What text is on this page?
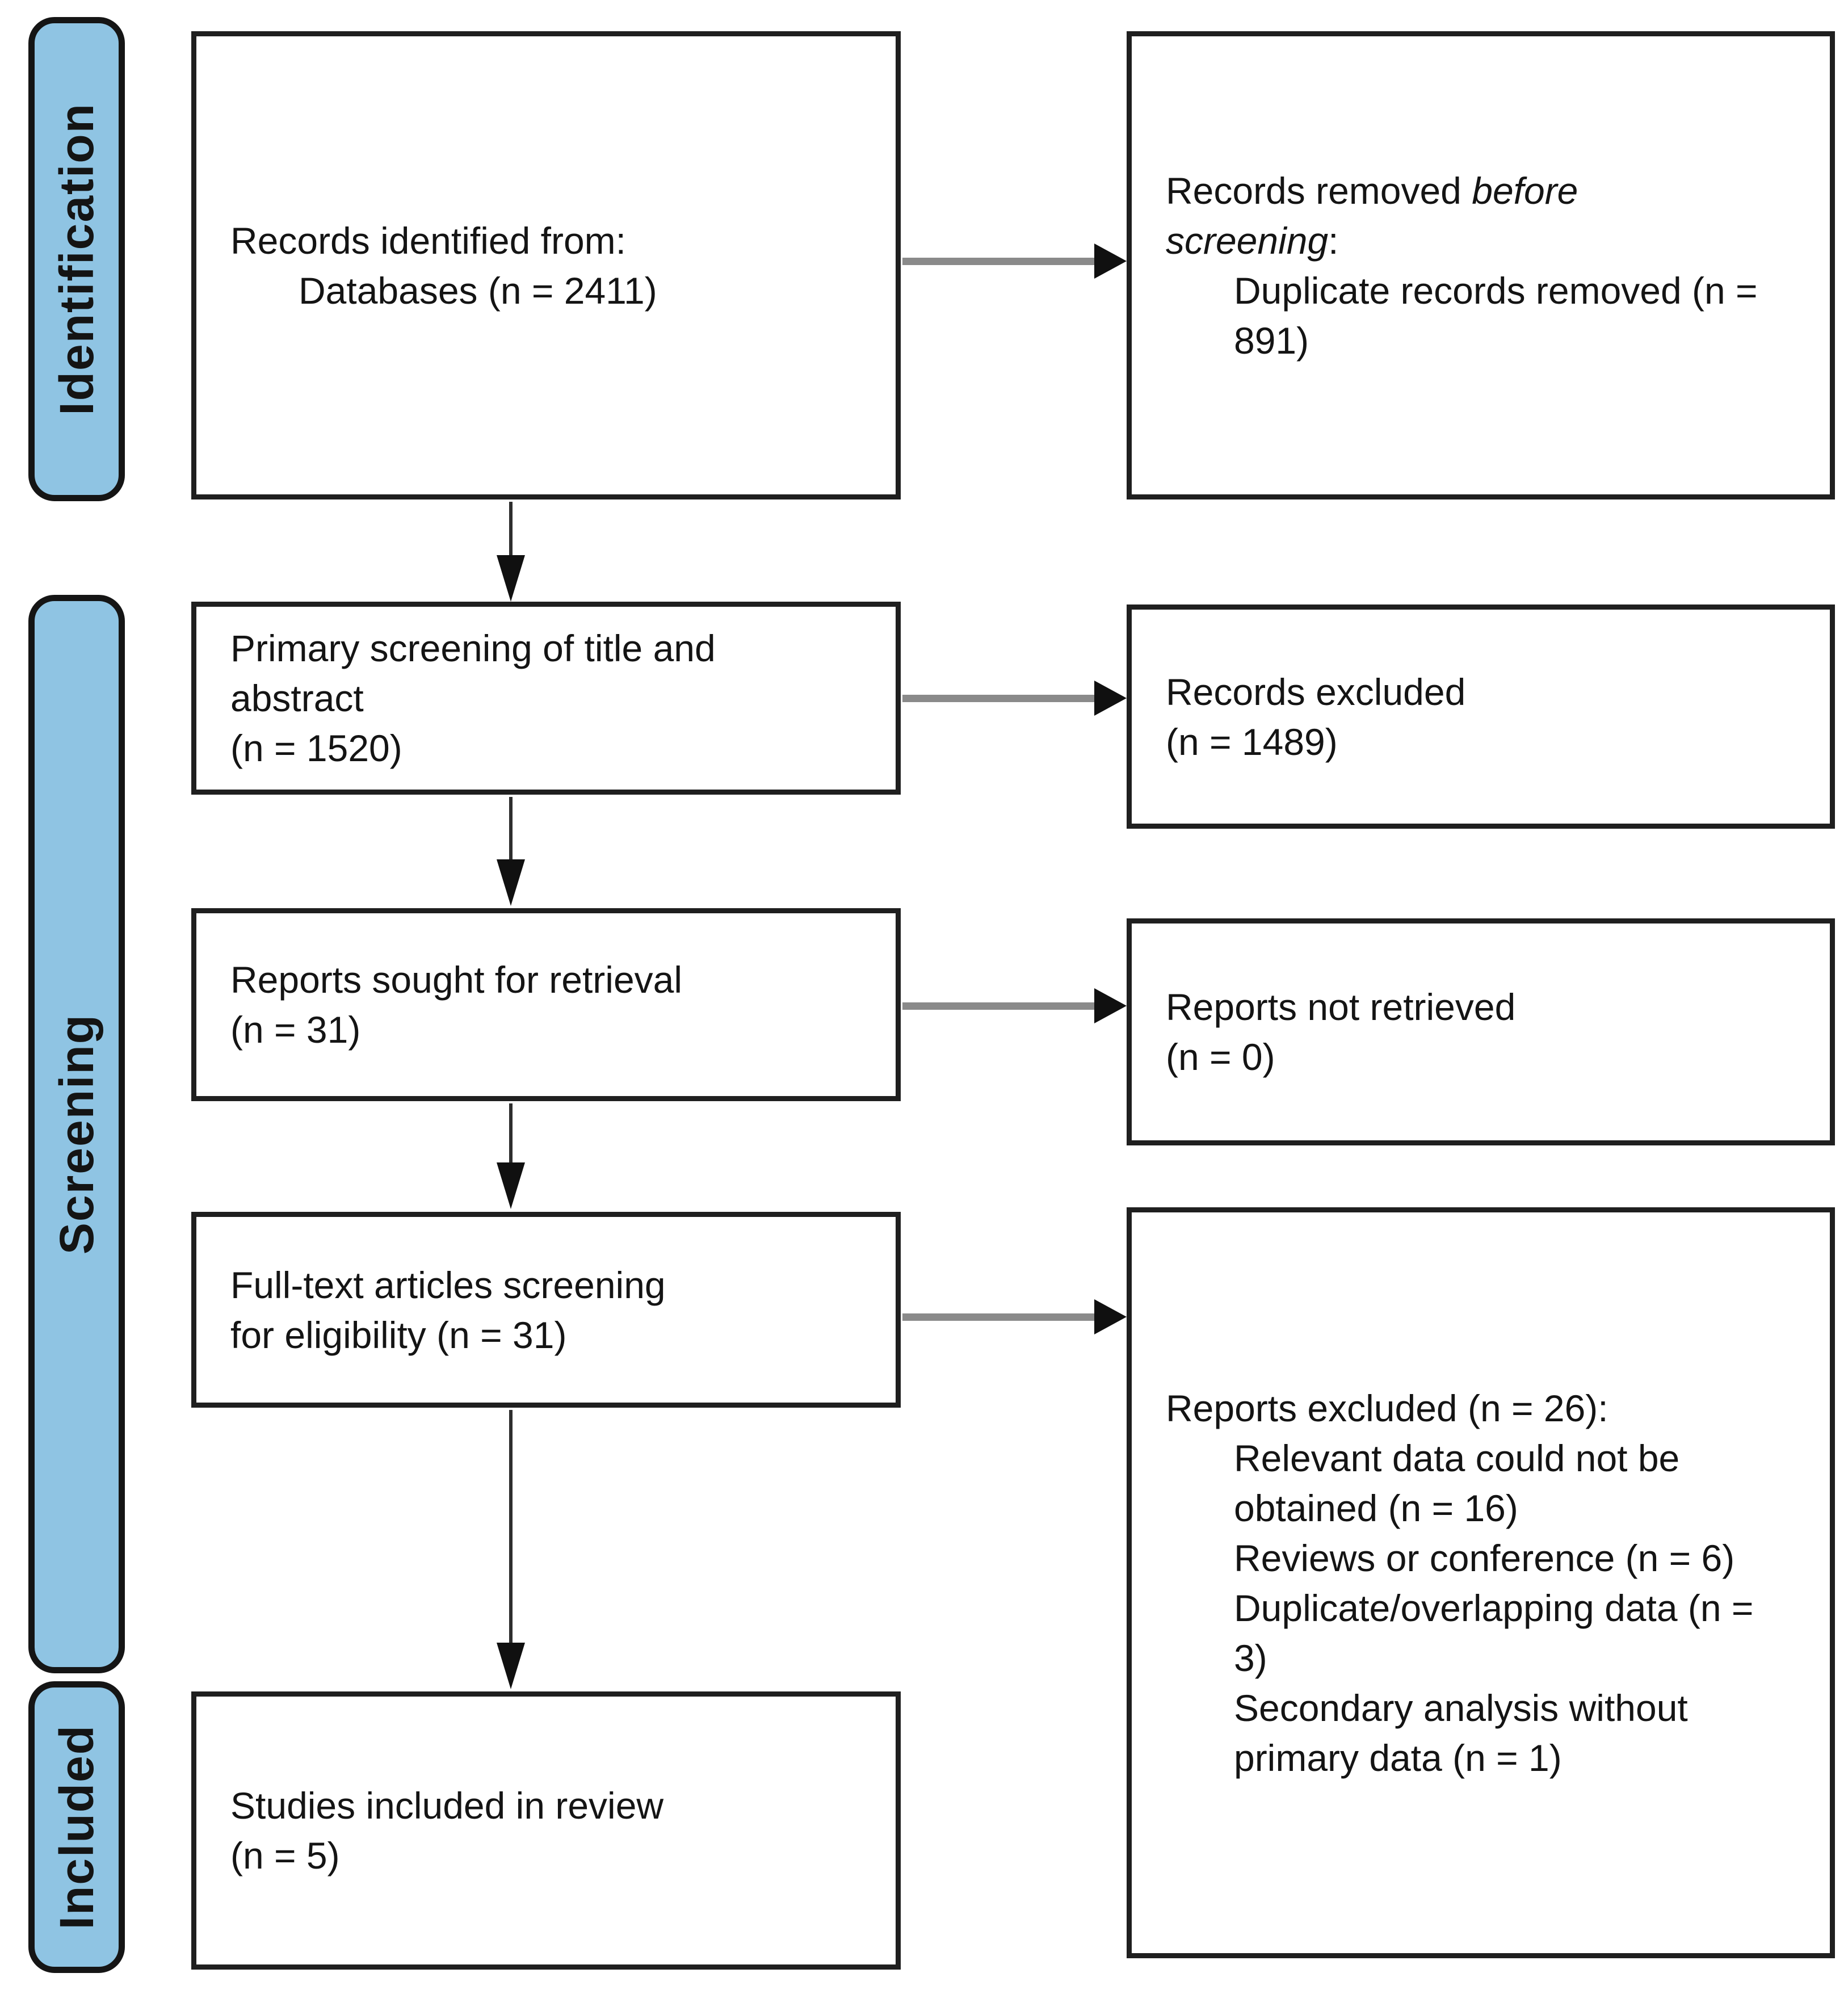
Identification
Screening
Included
Records identified from:
Databases (n = 2411)
Primary screening of title and
abstract
(n = 1520)
Reports sought for retrieval
(n = 31)
Full-text articles screening
for eligibility (n = 31)
Studies included in review
(n = 5)
Records removed before
screening:
Duplicate records removed (n = 891)
Records excluded
(n = 1489)
Reports not retrieved
(n = 0)
Reports excluded (n = 26):
Relevant data could not be obtained (n = 16)
Reviews or conference (n = 6)
Duplicate/overlapping data (n = 3)
Secondary analysis without primary data (n = 1)
